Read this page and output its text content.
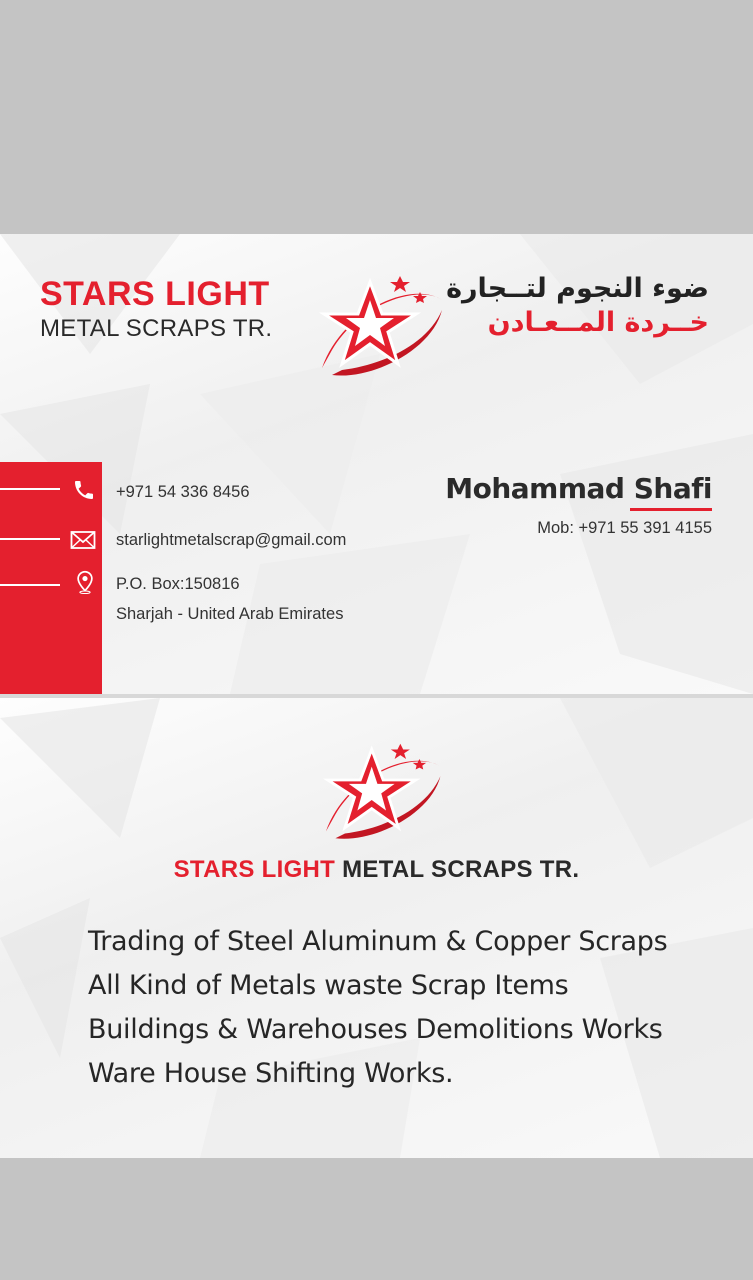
STARS LIGHT
METAL SCRAPS TR.
ضوء النجوم لتــجارة
خــردة المــعـادن
+971 54 336 8456
starlightmetalscrap@gmail.com
P.O. Box:150816
Sharjah - United Arab Emirates
Mohammad Shafi
Mob: +971 55 391 4155
STARS LIGHT METAL SCRAPS TR.
Trading of Steel Aluminum & Copper Scraps
All Kind of Metals waste Scrap Items
Buildings & Warehouses Demolitions Works
Ware House Shifting Works.
